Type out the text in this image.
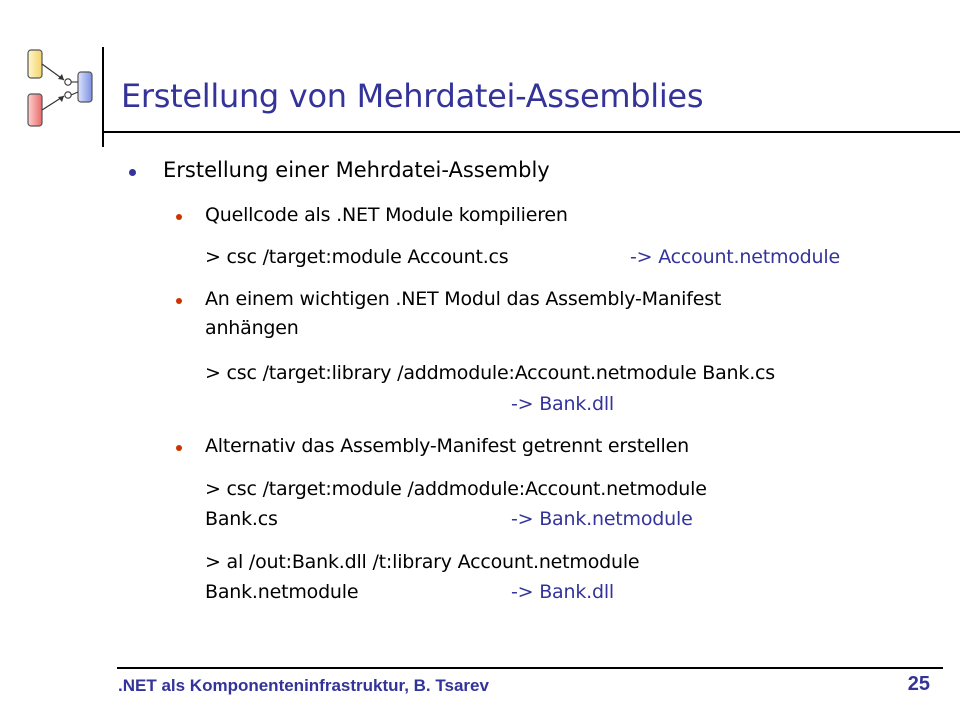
Erstellung von Mehrdatei-Assemblies
Erstellung einer Mehrdatei-Assembly
Quellcode als .NET Module kompilieren
> csc /target:module Account.cs	-> Account.netmodule
An einem wichtigen .NET Modul das Assembly-Manifest
anhängen
> csc /target:library /addmodule:Account.netmodule Bank.cs
-> Bank.dll
Alternativ das Assembly-Manifest getrennt erstellen
> csc /target:module /addmodule:Account.netmodule
Bank.cs	-> Bank.netmodule
> al /out:Bank.dll /t:library Account.netmodule
Bank.netmodule	-> Bank.dll
.NET als Komponenteninfrastruktur, B. Tsarev	25
